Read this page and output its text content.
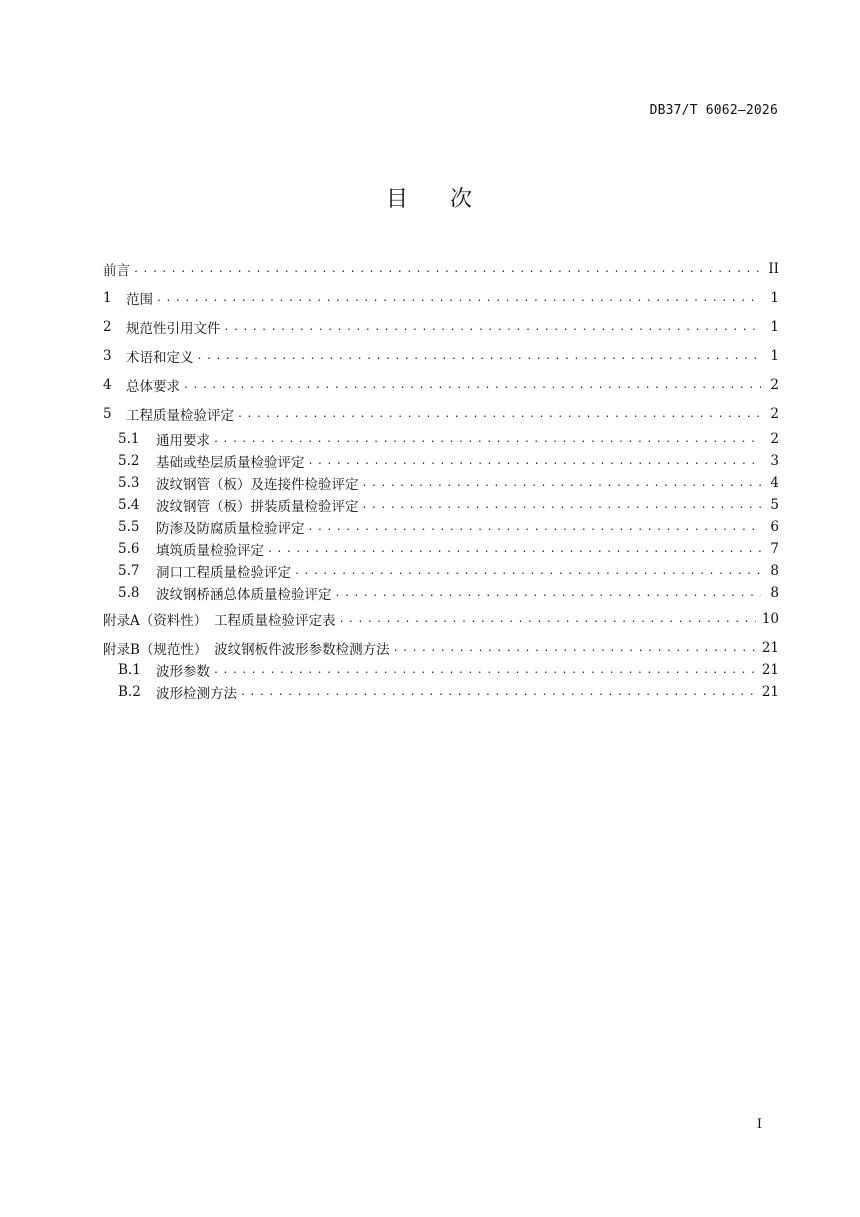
DB37/T 6062—2026
目 次
前言 .....	II
1	范围 .....	1
2	规范性引用文件 .....	1
3	术语和定义 .....	1
4	总体要求 .....	2
5	工程质量检验评定 .....	2
5.1	通用要求 .....	2
5.2	基础或垫层质量检验评定 .....	3
5.3	波纹钢管（板）及连接件检验评定 .....	4
5.4	波纹钢管（板）拼装质量检验评定 .....	5
5.5	防渗及防腐质量检验评定 .....	6
5.6	填筑质量检验评定 .....	7
5.7	洞口工程质量检验评定 .....	8
5.8	波纹钢桥涵总体质量检验评定 .....	8
附录A（资料性）　工程质量检验评定表 .....	10
附录B（规范性）　波纹钢板件波形参数检测方法 .....	21
B.1	波形参数 .....	21
B.2	波形检测方法 .....	21
I
